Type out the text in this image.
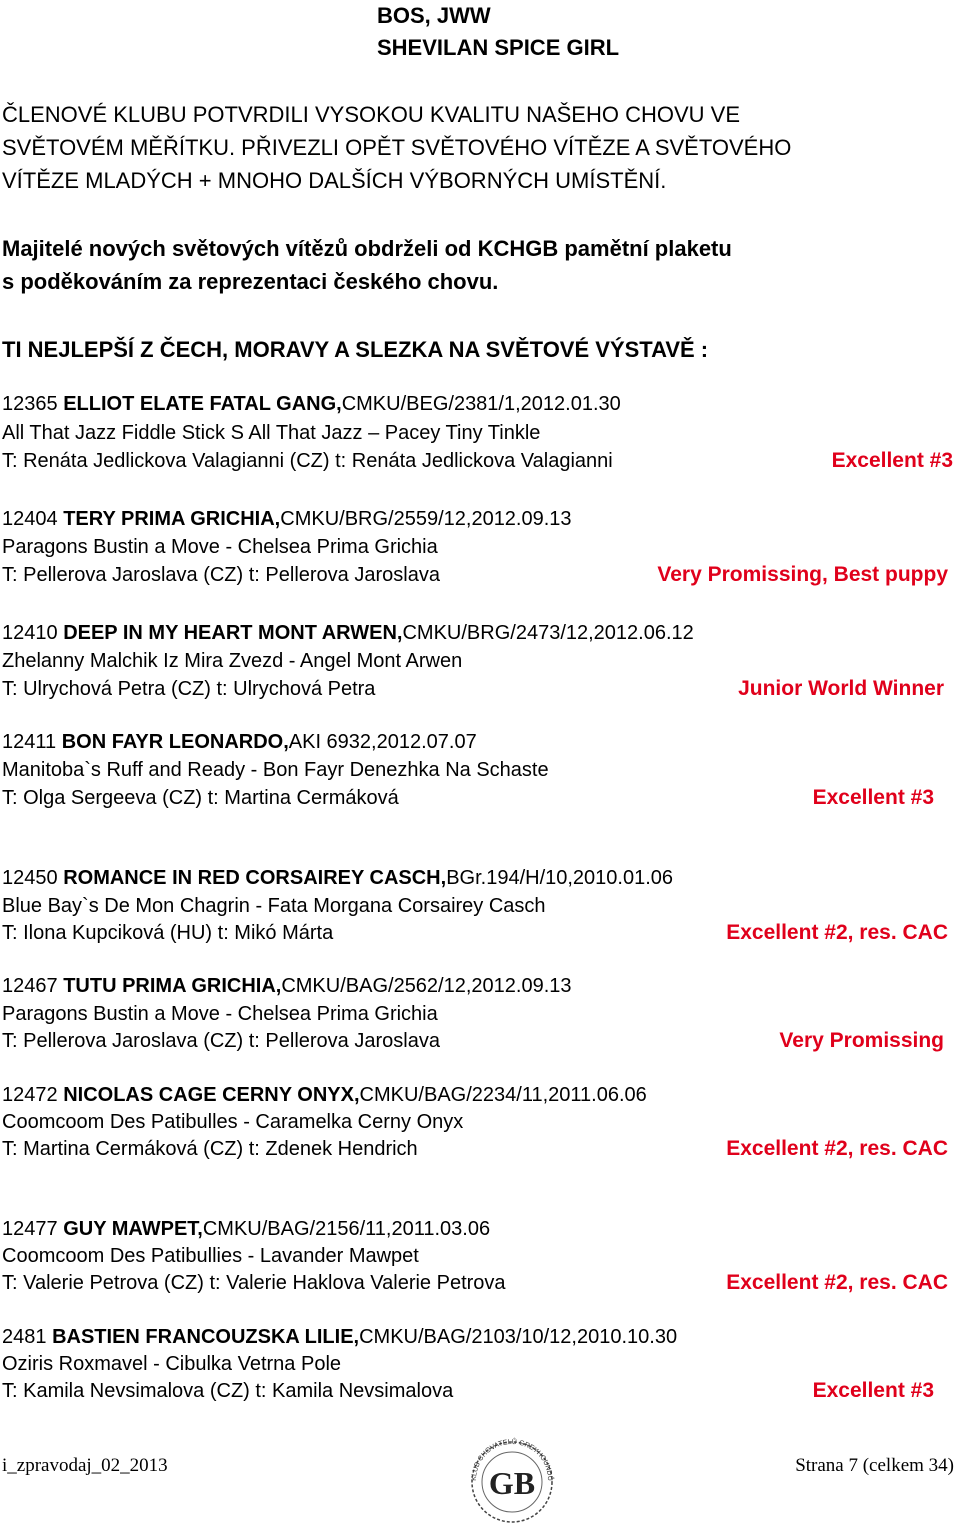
BOS, JWW
SHEVILAN SPICE GIRL
ČLENOVÉ KLUBU POTVRDILI VYSOKOU KVALITU NAŠEHO CHOVU VE
SVĚTOVÉM MĚŘÍTKU. PŘIVEZLI OPĚT SVĚTOVÉHO VÍTĚZE A SVĚTOVÉHO
VÍTĚZE MLADÝCH + MNOHO DALŠÍCH VÝBORNÝCH UMÍSTĚNÍ.
Majitelé nových světových vítězů obdrželi od KCHGB pamětní plaketu
s poděkováním za reprezentaci českého chovu.
TI NEJLEPŠÍ Z ČECH, MORAVY A SLEZKA NA SVĚTOVÉ VÝSTAVĚ :
12365 ELLIOT ELATE FATAL GANG,CMKU/BEG/2381/1,2012.01.30
All That Jazz Fiddle Stick S All That Jazz – Pacey Tiny Tinkle
T: Renáta Jedlickova Valagianni (CZ) t: Renáta Jedlickova Valagianni	Excellent #3
12404 TERY PRIMA GRICHIA,CMKU/BRG/2559/12,2012.09.13
Paragons Bustin a Move - Chelsea Prima Grichia
T: Pellerova Jaroslava (CZ) t: Pellerova Jaroslava	Very Promissing, Best puppy
12410 DEEP IN MY HEART MONT ARWEN,CMKU/BRG/2473/12,2012.06.12
Zhelanny Malchik Iz Mira Zvezd - Angel Mont Arwen
T: Ulrychová Petra (CZ) t: Ulrychová Petra	Junior World Winner
12411 BON FAYR LEONARDO,AKI 6932,2012.07.07
Manitoba`s Ruff and Ready - Bon Fayr Denezhka Na Schaste
T: Olga Sergeeva (CZ) t: Martina Cermáková	Excellent #3
12450 ROMANCE IN RED CORSAIREY CASCH,BGr.194/H/10,2010.01.06
Blue Bay`s De Mon Chagrin - Fata Morgana Corsairey Casch
T: Ilona Kupciková (HU) t: Mikó Márta	Excellent #2, res. CAC
12467 TUTU PRIMA GRICHIA,CMKU/BAG/2562/12,2012.09.13
Paragons Bustin a Move - Chelsea Prima Grichia
T: Pellerova Jaroslava (CZ) t: Pellerova Jaroslava	Very Promissing
12472 NICOLAS CAGE CERNY ONYX,CMKU/BAG/2234/11,2011.06.06
Coomcoom Des Patibulles - Caramelka Cerny Onyx
T: Martina Cermáková (CZ) t: Zdenek Hendrich	Excellent #2, res. CAC
12477 GUY MAWPET,CMKU/BAG/2156/11,2011.03.06
Coomcoom Des Patibullies - Lavander Mawpet
T: Valerie Petrova (CZ) t: Valerie Haklova Valerie Petrova	Excellent #2, res. CAC
2481 BASTIEN FRANCOUZSKA LILIE,CMKU/BAG/2103/10/12,2010.10.30
Oziris Roxmavel - Cibulka Vetrna Pole
T: Kamila Nevsimalova (CZ) t: Kamila Nevsimalova	Excellent #3
i_zpravodaj_02_2013	Strana 7 (celkem 34)
KLUB CHOVATELŮ GREYHOUNDŮ
GB
